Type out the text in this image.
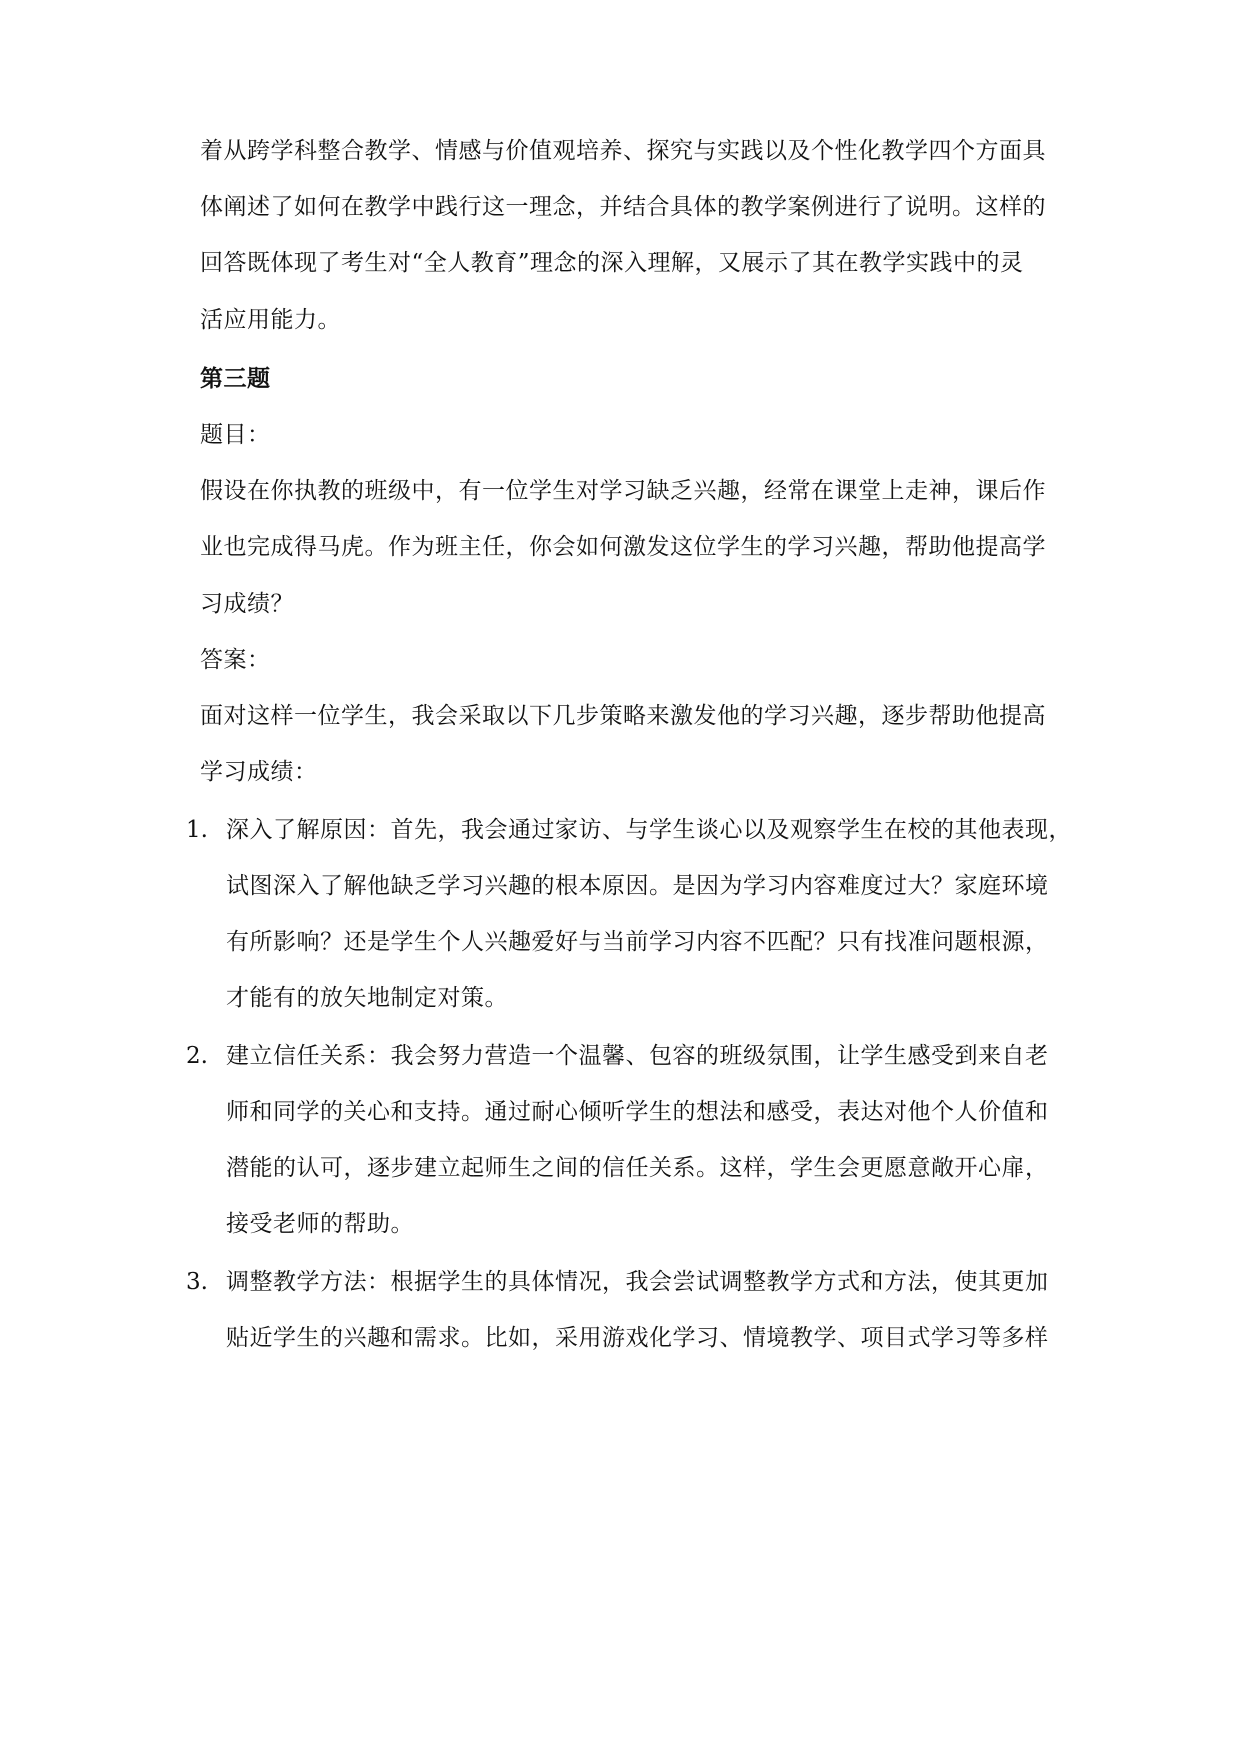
着从跨学科整合教学、情感与价值观培养、探究与实践以及个性化教学四个方面具
体阐述了如何在教学中践行这一理念，并结合具体的教学案例进行了说明。这样的
回答既体现了考生对“全人教育”理念的深入理解，又展示了其在教学实践中的灵
活应用能力。
第三题
题目：
假设在你执教的班级中，有一位学生对学习缺乏兴趣，经常在课堂上走神，课后作
业也完成得马虎。作为班主任，你会如何激发这位学生的学习兴趣，帮助他提高学
习成绩？
答案：
面对这样一位学生，我会采取以下几步策略来激发他的学习兴趣，逐步帮助他提高
学习成绩：
1. 深入了解原因：首先，我会通过家访、与学生谈心以及观察学生在校的其他表现，
试图深入了解他缺乏学习兴趣的根本原因。是因为学习内容难度过大？家庭环境
有所影响？还是学生个人兴趣爱好与当前学习内容不匹配？只有找准问题根源，
才能有的放矢地制定对策。
2. 建立信任关系：我会努力营造一个温馨、包容的班级氛围，让学生感受到来自老
师和同学的关心和支持。通过耐心倾听学生的想法和感受，表达对他个人价值和
潜能的认可，逐步建立起师生之间的信任关系。这样，学生会更愿意敞开心扉，
接受老师的帮助。
3. 调整教学方法：根据学生的具体情况，我会尝试调整教学方式和方法，使其更加
贴近学生的兴趣和需求。比如，采用游戏化学习、情境教学、项目式学习等多样
